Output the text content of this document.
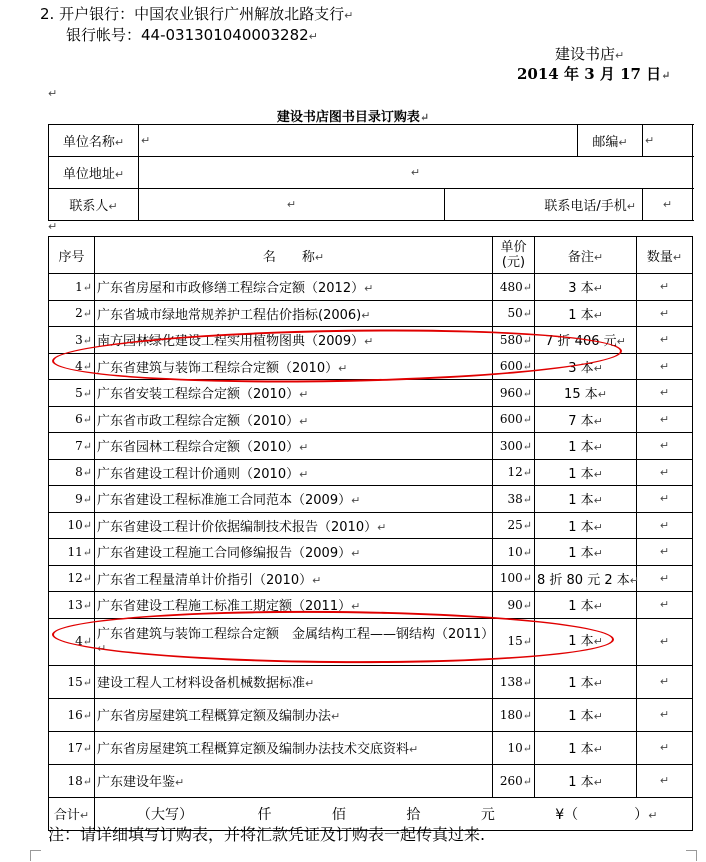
2. 开户银行：中国农业银行广州解放北路支行↵
银行帐号：44-031301040003282↵
建设书店↵
2014 年 3 月 17 日↵
↵
建设书店图书目录订购表↵
单位名称↵	↵		邮编↵	↵
单位地址↵	↵			
联系人↵	↵	联系电话/手机↵		↵
↵
序号	名　　称↵	单价(元)	备注↵	数量↵
1↵	广东省房屋和市政修缮工程综合定额（2012）↵	480↵	3 本↵	↵
2↵	广东省城市绿地常规养护工程估价指标(2006)↵	50↵	1 本↵	↵
3↵	南方园林绿化建设工程实用植物图典（2009）↵	580↵	7 折 406 元↵	↵
4↵	广东省建筑与装饰工程综合定额（2010）↵	600↵	3 本↵	↵
5↵	广东省安装工程综合定额（2010）↵	960↵	15 本↵	↵
6↵	广东省市政工程综合定额（2010）↵	600↵	7 本↵	↵
7↵	广东省园林工程综合定额（2010）↵	300↵	1 本↵	↵
8↵	广东省建设工程计价通则（2010）↵	12↵	1 本↵	↵
9↵	广东省建设工程标准施工合同范本（2009）↵	38↵	1 本↵	↵
10↵	广东省建设工程计价依据编制技术报告（2010）↵	25↵	1 本↵	↵
11↵	广东省建设工程施工合同修编报告（2009）↵	10↵	1 本↵	↵
12↵	广东省工程量清单计价指引（2010）↵	100↵	8 折 80 元 2 本↵	↵
13↵	广东省建设工程施工标准工期定额（2011）↵	90↵	1 本↵	↵
4↵	广东省建筑与装饰工程综合定额　金属结构工程——钢结构（2011）↵	15↵	1 本↵	↵
15↵	建设工程人工材料设备机械数据标准↵	138↵	1 本↵	↵
16↵	广东省房屋建筑工程概算定额及编制办法↵	180↵	1 本↵	↵
17↵	广东省房屋建筑工程概算定额及编制办法技术交底资料↵	10↵	1 本↵	↵
18↵	广东建设年鉴↵	260↵	1 本↵	↵
合计↵	（大写） 仟 佰 拾 元 ¥（　　　　）↵			
注：请详细填写订购表，并将汇款凭证及订购表一起传真过来.
